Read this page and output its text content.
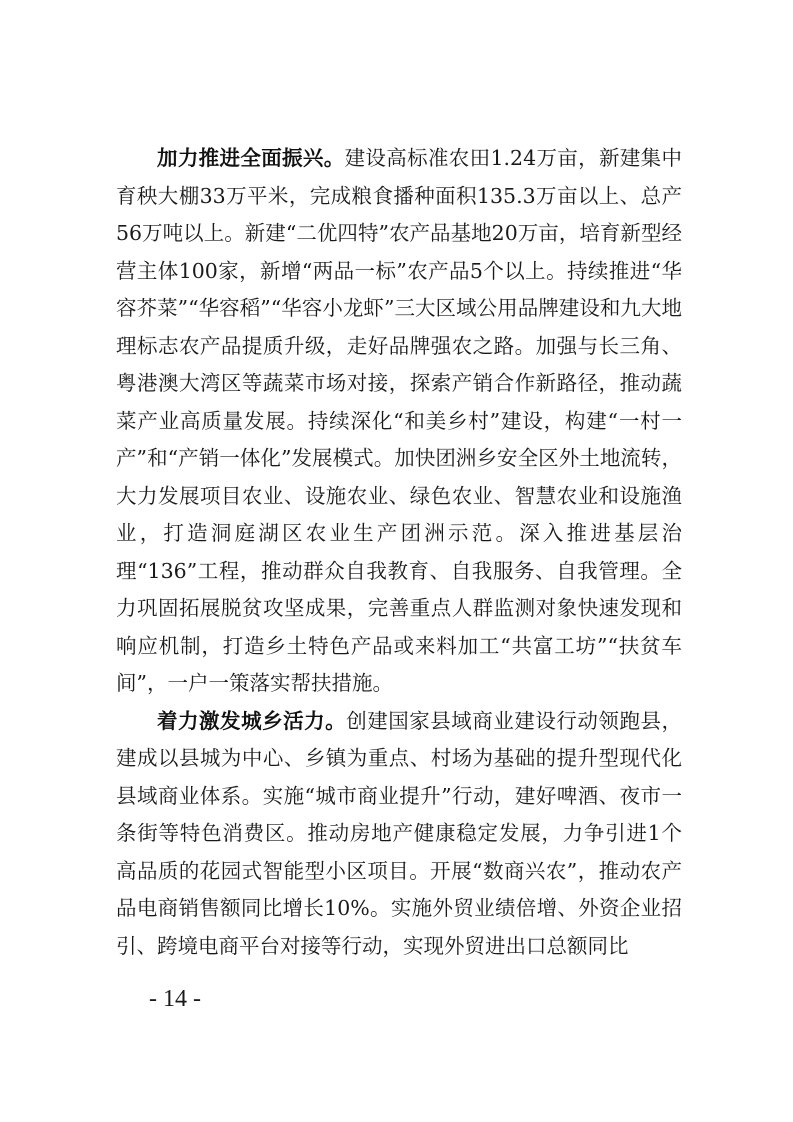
加力推进全面振兴。建设高标准农田1.24万亩，新建集中育秧大棚33万平米，完成粮食播种面积135.3万亩以上、总产56万吨以上。新建“二优四特”农产品基地20万亩，培育新型经营主体100家，新增“两品一标”农产品5个以上。持续推进“华容芥菜”“华容稻”“华容小龙虾”三大区域公用品牌建设和九大地理标志农产品提质升级，走好品牌强农之路。加强与长三角、粤港澳大湾区等蔬菜市场对接，探索产销合作新路径，推动蔬菜产业高质量发展。持续深化“和美乡村”建设，构建“一村一产”和“产销一体化”发展模式。加快团洲乡安全区外土地流转，大力发展项目农业、设施农业、绿色农业、智慧农业和设施渔业，打造洞庭湖区农业生产团洲示范。深入推进基层治理“136”工程，推动群众自我教育、自我服务、自我管理。全力巩固拓展脱贫攻坚成果，完善重点人群监测对象快速发现和响应机制，打造乡土特色产品或来料加工“共富工坊”“扶贫车间”，一户一策落实帮扶措施。

着力激发城乡活力。创建国家县域商业建设行动领跑县，建成以县城为中心、乡镇为重点、村场为基础的提升型现代化县域商业体系。实施“城市商业提升”行动，建好啤酒、夜市一条街等特色消费区。推动房地产健康稳定发展，力争引进1个高品质的花园式智能型小区项目。开展“数商兴农”，推动农产品电商销售额同比增长10%。实施外贸业绩倍增、外资企业招引、跨境电商平台对接等行动，实现外贸进出口总额同比

- 14 -
